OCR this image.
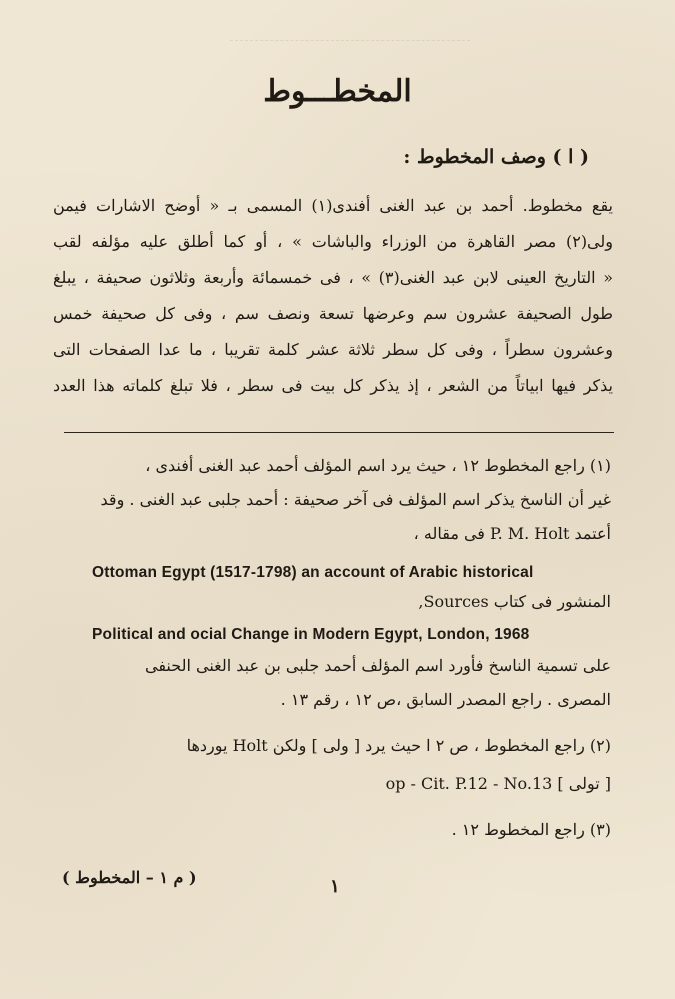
المخطـــوط
( ا ) وصف المخطوط :
يقع مخطوط. أحمد بن عبد الغنى أفندى(١) المسمى بـ « أوضح الاشارات فيمن
ولى(٢) مصر القاهرة من الوزراء والباشات » ، أو كما أطلق عليه مؤلفه لقب
« التاريخ العينى لابن عبد الغنى(٣) » ، فى خمسمائة وأربعة وثلاثون صحيفة ، يبلغ
طول الصحيفة عشرون سم وعرضها تسعة ونصف سم ، وفى كل صحيفة خمس
وعشرون سطراً ، وفى كل سطر ثلاثة عشر كلمة تقريبا ، ما عدا الصفحات التى
يذكر فيها ابياتاً من الشعر ، إذ يذكر كل بيت فى سطر ، فلا تبلغ كلماته هذا العدد
(١) راجع المخطوط ١٢ ، حيث يرد اسم المؤلف أحمد عبد الغنى أفندى ،
غير أن الناسخ يذكر اسم المؤلف فى آخر صحيفة : أحمد جلبى عبد الغنى . وقد
أعتمد P. M. Holt فى مقاله ،
Ottoman Egypt (1517-1798) an account of Arabic historical
المنشور فى كتاب Sources,
Political and ocial Change in Modern Egypt, London, 1968
على تسمية الناسخ فأورد اسم المؤلف أحمد جلبى بن عبد الغنى الحنفى
المصرى . راجع المصدر السابق ،ص ١٢ ، رقم ١٣ .
(٢) راجع المخطوط ، ص ٢ ا حيث يرد [ ولى ] ولكن Holt يوردها
[ تولى ] op - Cit. P.12 - No.13
(٣) راجع المخطوط ١٢ .
( م ١ – المخطوط )	١
